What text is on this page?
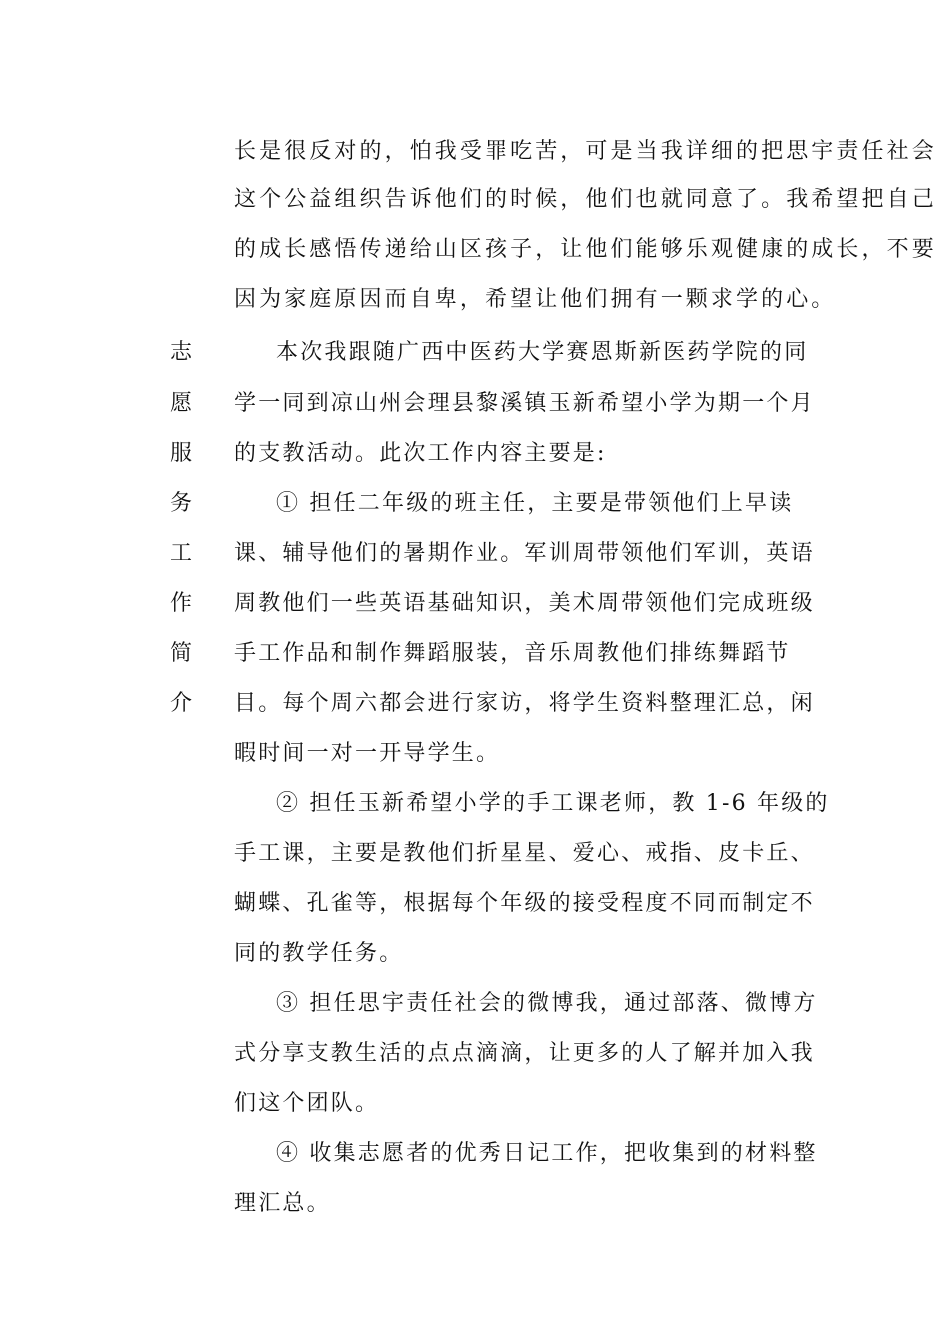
长是很反对的，怕我受罪吃苦，可是当我详细的把思宇责任社会
这个公益组织告诉他们的时候，他们也就同意了。我希望把自己
的成长感悟传递给山区孩子，让他们能够乐观健康的成长，不要
因为家庭原因而自卑，希望让他们拥有一颗求学的心。
志
愿
服
务
工
作
简
介
本次我跟随广西中医药大学赛恩斯新医药学院的同
学一同到凉山州会理县黎溪镇玉新希望小学为期一个月
的支教活动。此次工作内容主要是:
① 担任二年级的班主任，主要是带领他们上早读
课、辅导他们的暑期作业。军训周带领他们军训，英语
周教他们一些英语基础知识，美术周带领他们完成班级
手工作品和制作舞蹈服装，音乐周教他们排练舞蹈节
目。每个周六都会进行家访，将学生资料整理汇总，闲
暇时间一对一开导学生。
② 担任玉新希望小学的手工课老师，教 1-6 年级的
手工课，主要是教他们折星星、爱心、戒指、皮卡丘、
蝴蝶、孔雀等，根据每个年级的接受程度不同而制定不
同的教学任务。
③ 担任思宇责任社会的微博我，通过部落、微博方
式分享支教生活的点点滴滴，让更多的人了解并加入我
们这个团队。
④ 收集志愿者的优秀日记工作，把收集到的材料整
理汇总。
